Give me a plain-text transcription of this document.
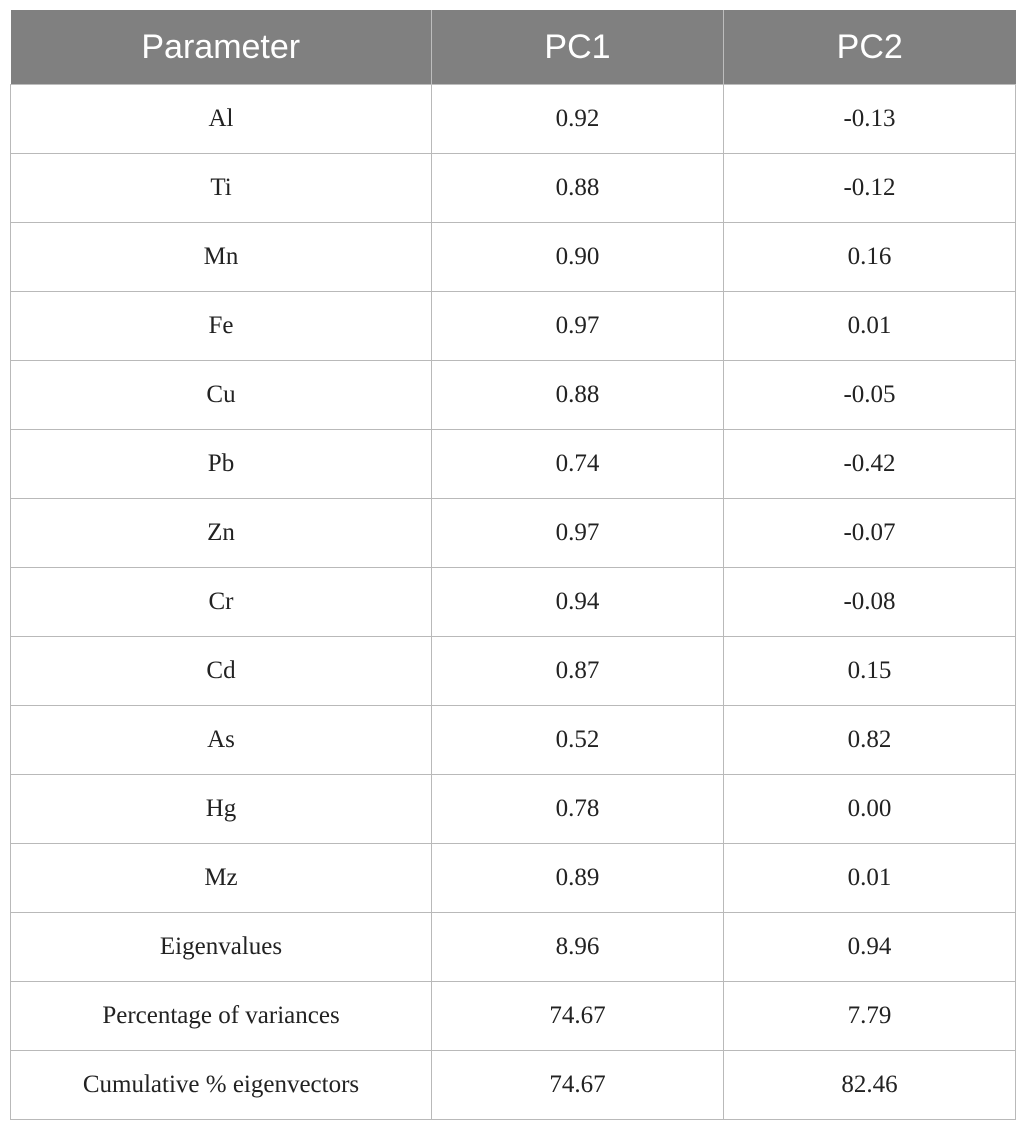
Parameter	PC1	PC2
Al	0.92	-0.13
Ti	0.88	-0.12
Mn	0.90	0.16
Fe	0.97	0.01
Cu	0.88	-0.05
Pb	0.74	-0.42
Zn	0.97	-0.07
Cr	0.94	-0.08
Cd	0.87	0.15
As	0.52	0.82
Hg	0.78	0.00
Mz	0.89	0.01
Eigenvalues	8.96	0.94
Percentage of variances	74.67	7.79
Cumulative % eigenvectors	74.67	82.46
